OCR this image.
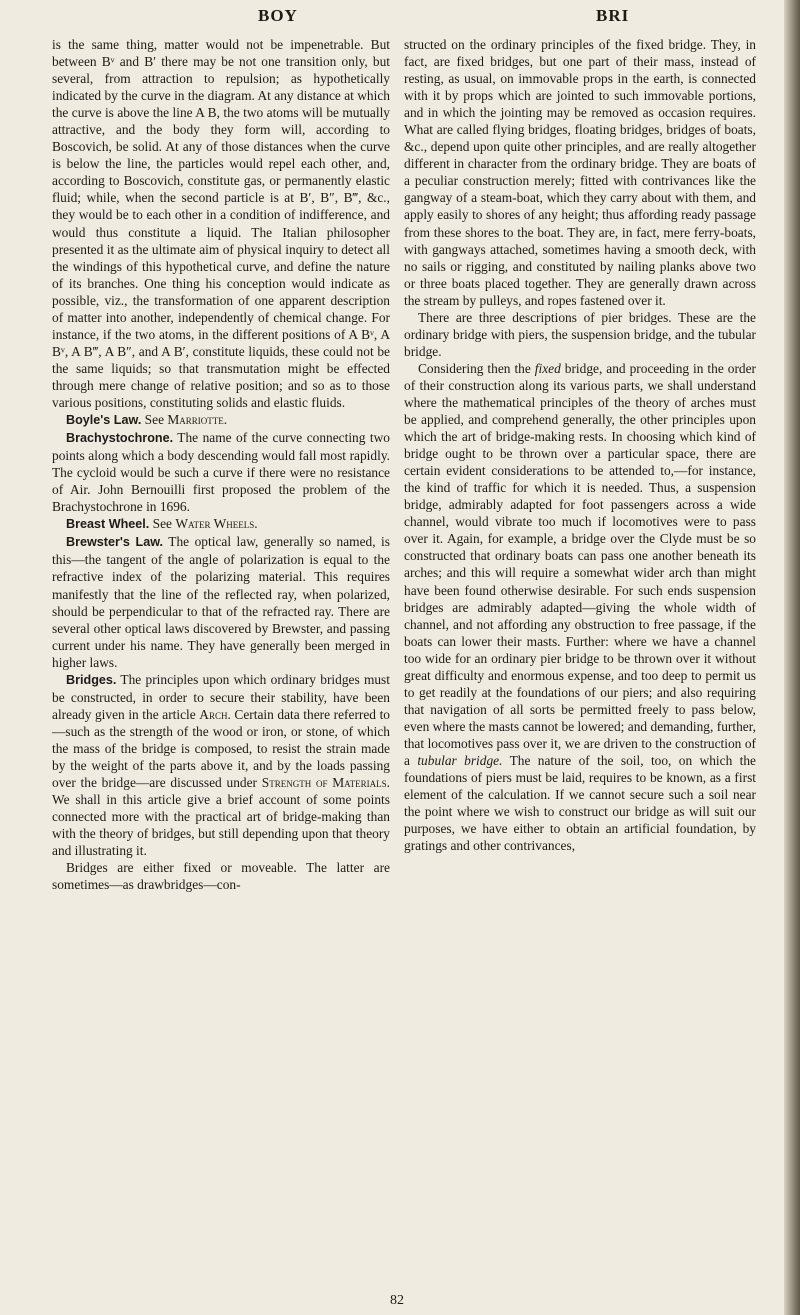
BOY	BRI

is the same thing, matter would not be impenetrable. But between Bᵛ and B′ there may be not one transition only, but several, from attraction to repulsion; as hypothetically indicated by the curve in the diagram. At any distance at which the curve is above the line A B, the two atoms will be mutually attractive, and the body they form will, according to Boscovich, be solid. At any of those distances when the curve is below the line, the particles would repel each other, and, according to Boscovich, constitute gas, or permanently elastic fluid; while, when the second particle is at B′, B″, B‴, &c., they would be to each other in a condition of indifference, and would thus constitute a liquid. The Italian philosopher presented it as the ultimate aim of physical inquiry to detect all the windings of this hypothetical curve, and define the nature of its branches. One thing his conception would indicate as possible, viz., the transformation of one apparent description of matter into another, independently of chemical change. For instance, if the two atoms, in the different positions of A Bᵛ, A Bᵛ, A B‴, A B″, and A B′, constitute liquids, these could not be the same liquids; so that transmutation might be effected through mere change of relative position; and so as to those various positions, constituting solids and elastic fluids.

Boyle's Law. See Marriotte.

Brachystochrone. The name of the curve connecting two points along which a body descending would fall most rapidly. The cycloid would be such a curve if there were no resistance of Air. John Bernouilli first proposed the problem of the Brachystochrone in 1696.

Breast Wheel. See Water Wheels.

Brewster's Law. The optical law, generally so named, is this—the tangent of the angle of polarization is equal to the refractive index of the polarizing material. This requires manifestly that the line of the reflected ray, when polarized, should be perpendicular to that of the refracted ray. There are several other optical laws discovered by Brewster, and passing current under his name. They have generally been merged in higher laws.

Bridges. The principles upon which ordinary bridges must be constructed, in order to secure their stability, have been already given in the article Arch. Certain data there referred to —such as the strength of the wood or iron, or stone, of which the mass of the bridge is composed, to resist the strain made by the weight of the parts above it, and by the loads passing over the bridge—are discussed under Strength of Materials. We shall in this article give a brief account of some points connected more with the practical art of bridge-making than with the theory of bridges, but still depending upon that theory and illustrating it.

Bridges are either fixed or moveable. The latter are sometimes—as drawbridges—con-

structed on the ordinary principles of the fixed bridge. They, in fact, are fixed bridges, but one part of their mass, instead of resting, as usual, on immovable props in the earth, is connected with it by props which are jointed to such immovable portions, and in which the jointing may be removed as occasion requires. What are called flying bridges, floating bridges, bridges of boats, &c., depend upon quite other principles, and are really altogether different in character from the ordinary bridge. They are boats of a peculiar construction merely; fitted with contrivances like the gangway of a steam-boat, which they carry about with them, and apply easily to shores of any height; thus affording ready passage from these shores to the boat. They are, in fact, mere ferry-boats, with gangways attached, sometimes having a smooth deck, with no sails or rigging, and constituted by nailing planks above two or three boats placed together. They are generally drawn across the stream by pulleys, and ropes fastened over it.

There are three descriptions of pier bridges. These are the ordinary bridge with piers, the suspension bridge, and the tubular bridge.

Considering then the fixed bridge, and proceeding in the order of their construction along its various parts, we shall understand where the mathematical principles of the theory of arches must be applied, and comprehend generally, the other principles upon which the art of bridge-making rests. In choosing which kind of bridge ought to be thrown over a particular space, there are certain evident considerations to be attended to,—for instance, the kind of traffic for which it is needed. Thus, a suspension bridge, admirably adapted for foot passengers across a wide channel, would vibrate too much if locomotives were to pass over it. Again, for example, a bridge over the Clyde must be so constructed that ordinary boats can pass one another beneath its arches; and this will require a somewhat wider arch than might have been found otherwise desirable. For such ends suspension bridges are admirably adapted—giving the whole width of channel, and not affording any obstruction to free passage, if the boats can lower their masts. Further: where we have a channel too wide for an ordinary pier bridge to be thrown over it without great difficulty and enormous expense, and too deep to permit us to get readily at the foundations of our piers; and also requiring that navigation of all sorts be permitted freely to pass below, even where the masts cannot be lowered; and demanding, further, that locomotives pass over it, we are driven to the construction of a tubular bridge. The nature of the soil, too, on which the foundations of piers must be laid, requires to be known, as a first element of the calculation. If we cannot secure such a soil near the point where we wish to construct our bridge as will suit our purposes, we have either to obtain an artificial foundation, by gratings and other contrivances,

82
